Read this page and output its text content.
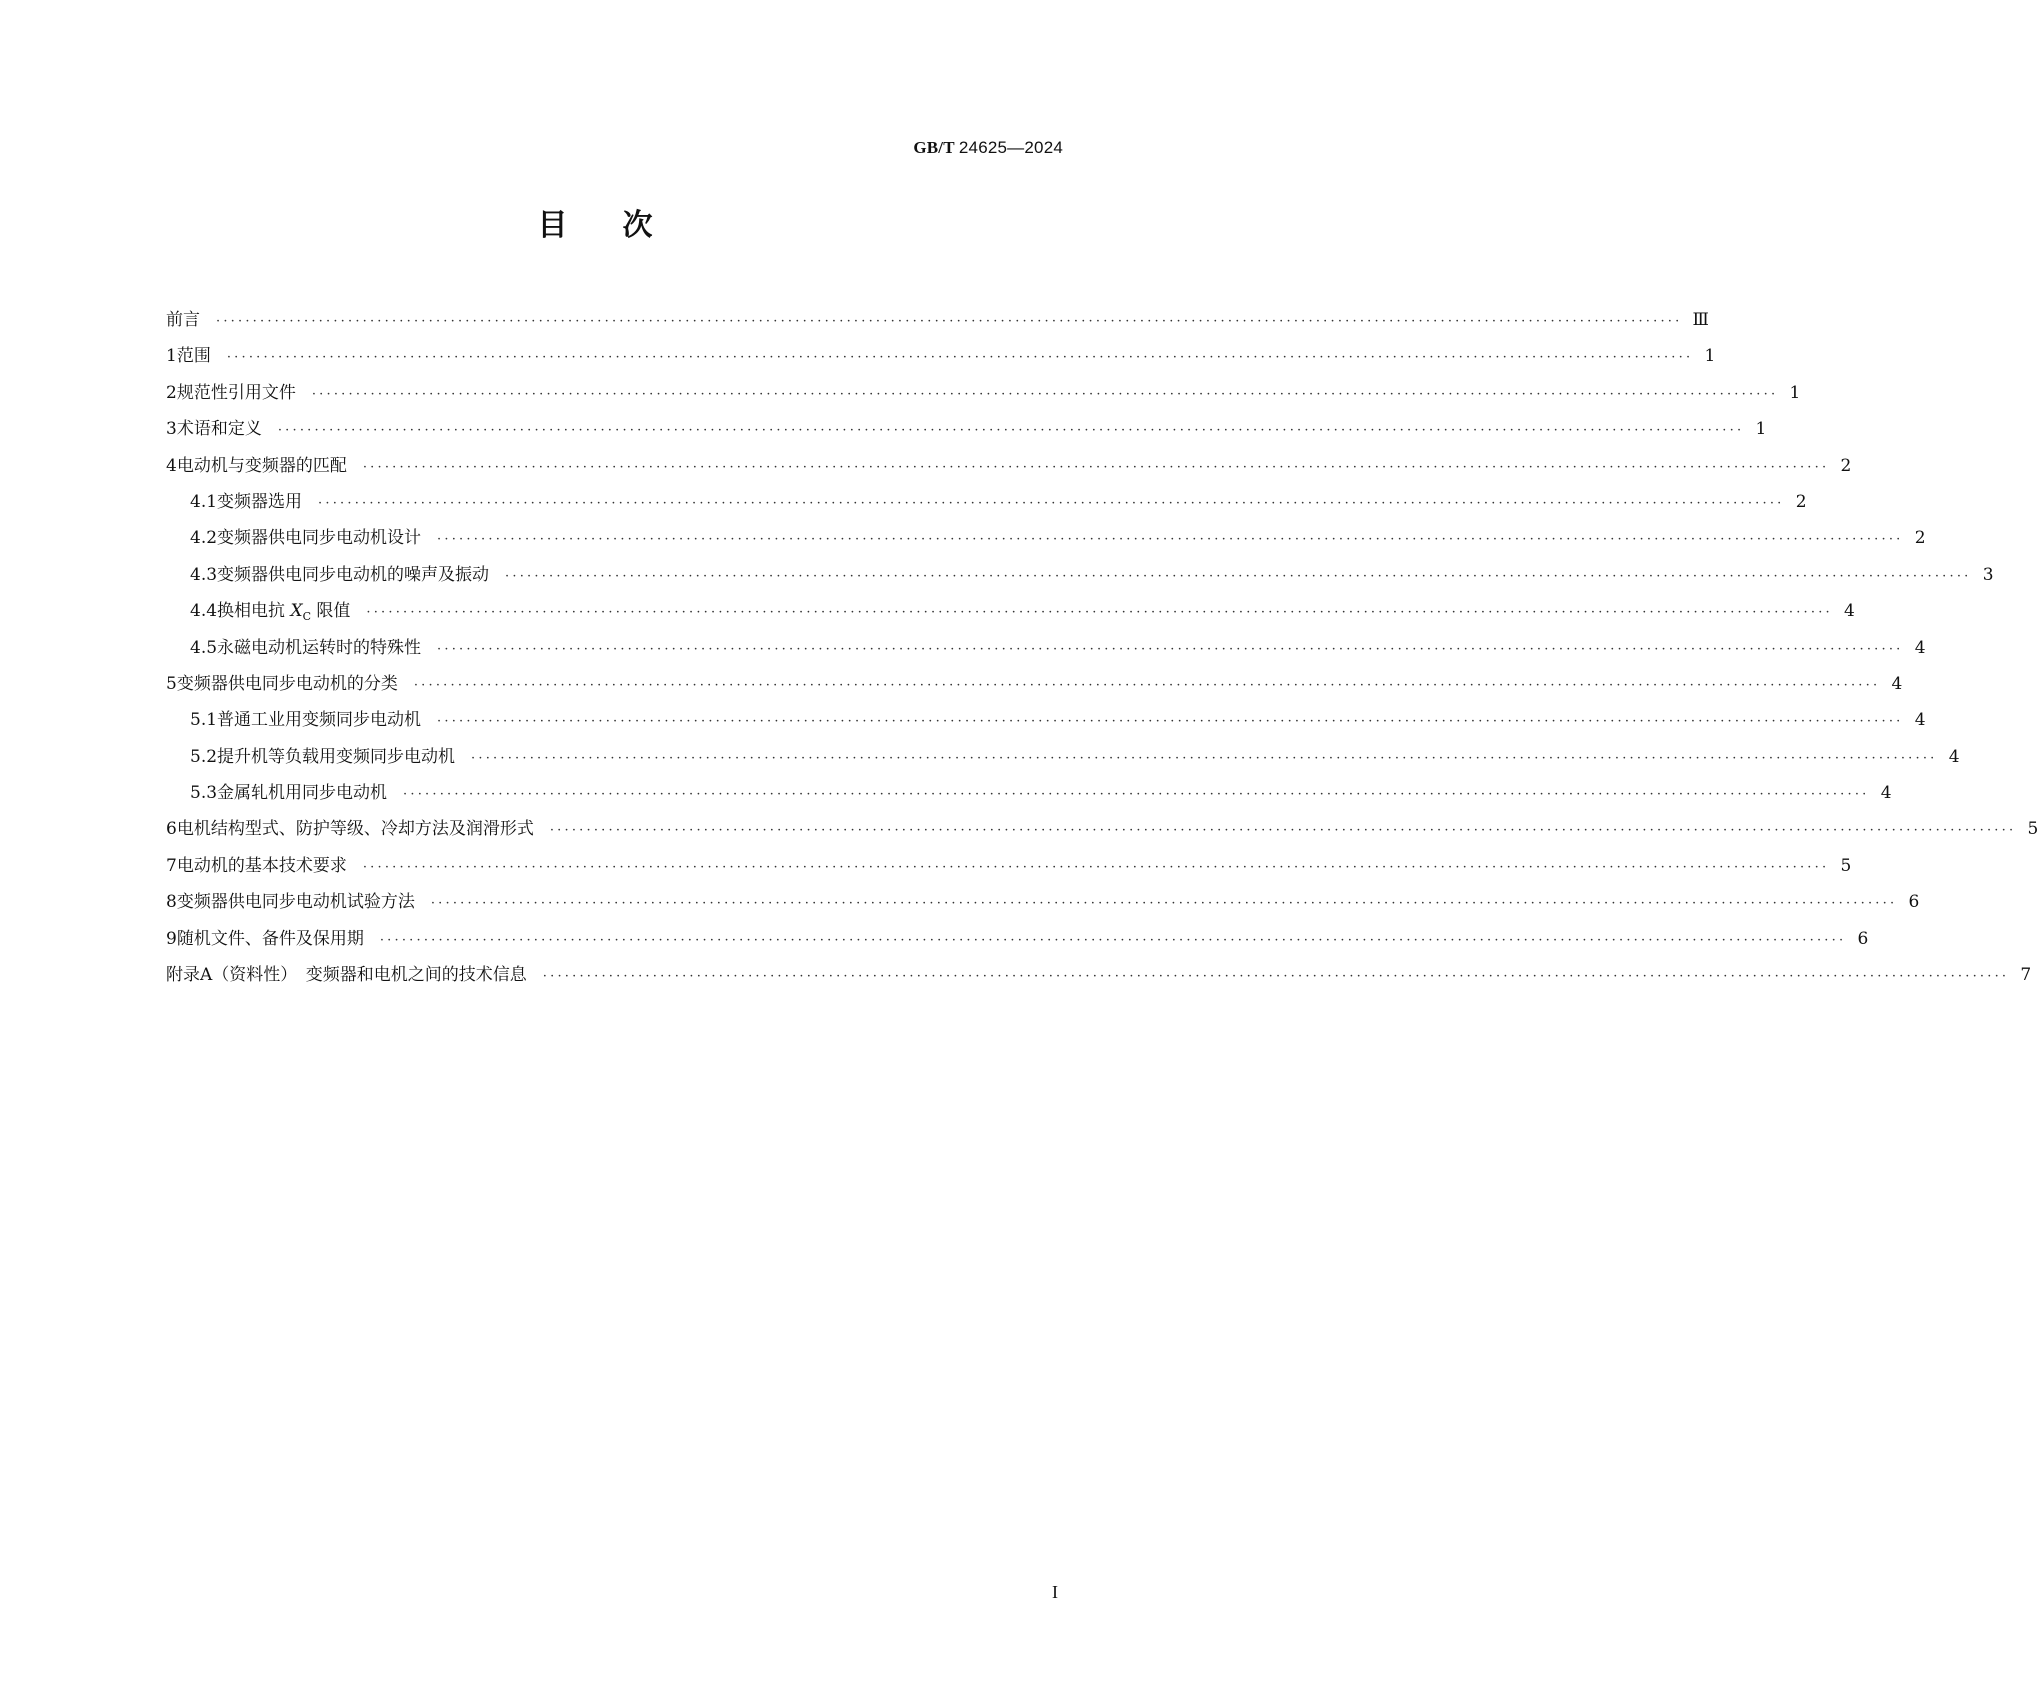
GB/T 24625—2024
目 次
前言 ········································································································································································································ Ⅲ
1 范围 ········································································································································································································ 1
2 规范性引用文件 ········································································································································································································ 1
3 术语和定义 ········································································································································································································ 1
4 电动机与变频器的匹配 ········································································································································································································ 2
4.1 变频器选用 ········································································································································································································ 2
4.2 变频器供电同步电动机设计 ········································································································································································································ 2
4.3 变频器供电同步电动机的噪声及振动 ········································································································································································································ 3
4.4 换相电抗 $X_C$ 限值 ········································································································································································································ 4
4.5 永磁电动机运转时的特殊性 ········································································································································································································ 4
5 变频器供电同步电动机的分类 ········································································································································································································ 4
5.1 普通工业用变频同步电动机 ········································································································································································································ 4
5.2 提升机等负载用变频同步电动机 ········································································································································································································ 4
5.3 金属轧机用同步电动机 ········································································································································································································ 4
6 电机结构型式、防护等级、冷却方法及润滑形式 ········································································································································································································ 5
7 电动机的基本技术要求 ········································································································································································································ 5
8 变频器供电同步电动机试验方法 ········································································································································································································ 6
9 随机文件、备件及保用期 ········································································································································································································ 6
附录A（资料性）　变频器和电机之间的技术信息 ········································································································································································································ 7
I
